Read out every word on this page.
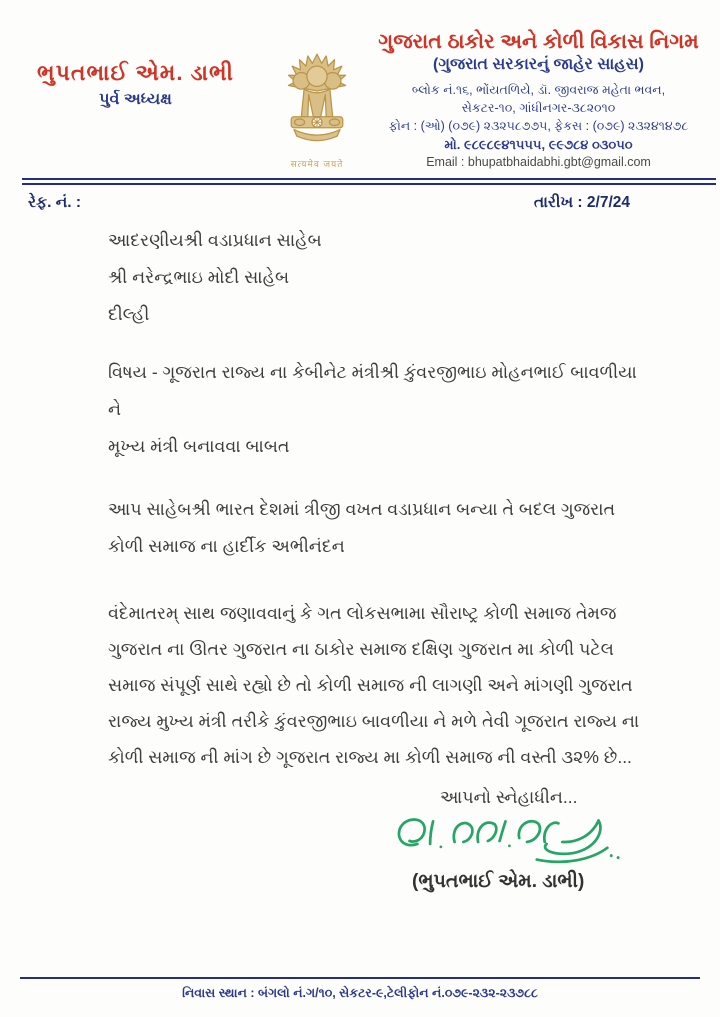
ભુપતભાઈ એમ. ડાભી
પુર્વ અધ્યક્ષ
सत्यमेव जयते
ગુજરાત ઠાકોર અને કોળી વિકાસ નિગમ
(ગુજરાત સરકારનું જાહેર સાહસ)
બ્લોક નં.૧૬, ભોંયતળિયે, ડૉ. જીવરાજ મહેતા ભવન,
સેકટર-૧૦, ગાંધીનગર-૩૮૨૦૧૦
ફોન : (ઓ) (૦૭૯) ૨૩૨૫૮૭૭૫, ફેકસ : (૦૭૯) ૨૩૨૪૧૪૭૮
મો. ૯૮૯૮૯૪૧૫૫૫, ૯૯૭૮૪ ૦૩૦૫૦
Email : bhupatbhaidabhi.gbt@gmail.com
રેફ. નં. :	તારીખ : 2/7/24
આદરણીયશ્રી વડાપ્રધાન સાહેબ
શ્રી નરેન્દ્રભાઇ મોદી સાહેબ
દીલ્હી
વિષય - ગૂજરાત રાજ્ય ના કેબીનેટ મંત્રીશ્રી કુંવરજીભાઇ મોહનભાઈ બાવળીયા ને
મૂખ્ય મંત્રી બનાવવા બાબત
આપ સાહેબશ્રી ભારત દેશમાં ત્રીજી વખત વડાપ્રધાન બન્યા તે બદલ ગુજરાત
કોળી સમાજ ના હાર્દીક અભીનંદન
વંદેમાતરમ્ સાથ જણાવવાનું કે ગત લોકસભામા સૌરાષ્ટ્ર કોળી સમાજ તેમજ
ગુજરાત ના ઊતર ગુજરાત ના ઠાકોર સમાજ દક્ષિણ ગુજરાત મા કોળી પટેલ
સમાજ સંપૂર્ણ સાથે રહ્યો છે તો કોળી સમાજ ની લાગણી અને માંગણી ગુજરાત
રાજ્ય મુખ્ય મંત્રી તરીકે કુંવરજીભાઇ બાવળીયા ને મળે તેવી ગૂજરાત રાજ્ય ના
કોળી સમાજ ની માંગ છે ગૂજરાત રાજ્ય મા કોળી સમાજ ની વસ્તી ૩૨% છે...
આપનો સ્નેહાધીન...
(ભુપતભાઈ એમ. ડાભી)
નિવાસ સ્થાન : બંગલો નં.ગ/૧૦, સેકટર-૯,ટેલીફોન નં.૦૭૯-૨૩૨-૨૩૭૮૮
